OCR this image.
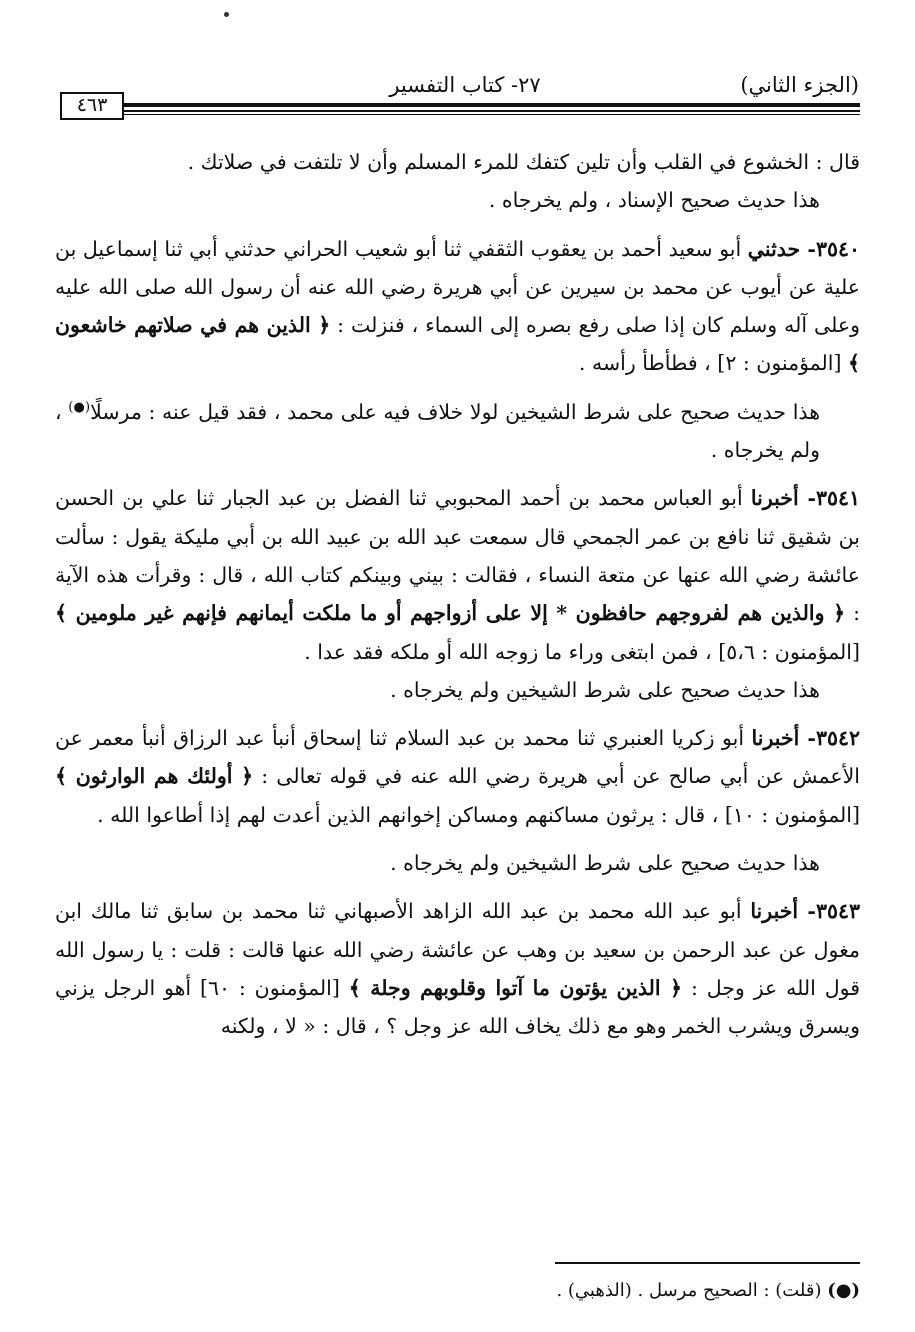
(الجزء الثاني)
٢٧- كتاب التفسير
٤٦٣

قال : الخشوع في القلب وأن تلين كتفك للمرء المسلم وأن لا تلتفت في صلاتك .

هذا حديث صحيح الإسناد ، ولم يخرجاه .

٣٥٤٠- حدثني أبو سعيد أحمد بن يعقوب الثقفي ثنا أبو شعيب الحراني حدثني أبي ثنا إسماعيل بن علية عن أيوب عن محمد بن سيرين عن أبي هريرة رضي الله عنه أن رسول الله صلى الله عليه وعلى آله وسلم كان إذا صلى رفع بصره إلى السماء ، فنزلت : ﴿ الذين هم في صلاتهم خاشعون ﴾ [المؤمنون : ٢] ، فطأطأ رأسه .

هذا حديث صحيح على شرط الشيخين لولا خلاف فيه على محمد ، فقد قيل عنه : مرسلًا(●) ، ولم يخرجاه .

٣٥٤١- أخبرنا أبو العباس محمد بن أحمد المحبوبي ثنا الفضل بن عبد الجبار ثنا علي بن الحسن بن شقيق ثنا نافع بن عمر الجمحي قال سمعت عبد الله بن عبيد الله بن أبي مليكة يقول : سألت عائشة رضي الله عنها عن متعة النساء ، فقالت : بيني وبينكم كتاب الله ، قال : وقرأت هذه الآية : ﴿ والذين هم لفروجهم حافظون * إلا على أزواجهم أو ما ملكت أيمانهم فإنهم غير ملومين ﴾ [المؤمنون : ٥،٦] ، فمن ابتغى وراء ما زوجه الله أو ملكه فقد عدا .

هذا حديث صحيح على شرط الشيخين ولم يخرجاه .

٣٥٤٢- أخبرنا أبو زكريا العنبري ثنا محمد بن عبد السلام ثنا إسحاق أنبأ عبد الرزاق أنبأ معمر عن الأعمش عن أبي صالح عن أبي هريرة رضي الله عنه في قوله تعالى : ﴿ أولئك هم الوارثون ﴾ [المؤمنون : ١٠] ، قال : يرثون مساكنهم ومساكن إخوانهم الذين أعدت لهم إذا أطاعوا الله .

هذا حديث صحيح على شرط الشيخين ولم يخرجاه .

٣٥٤٣- أخبرنا أبو عبد الله محمد بن عبد الله الزاهد الأصبهاني ثنا محمد بن سابق ثنا مالك ابن مغول عن عبد الرحمن بن سعيد بن وهب عن عائشة رضي الله عنها قالت : قلت : يا رسول الله قول الله عز وجل : ﴿ الذين يؤتون ما آتوا وقلوبهم وجلة ﴾ [المؤمنون : ٦٠] أهو الرجل يزني ويسرق ويشرب الخمر وهو مع ذلك يخاف الله عز وجل ؟ ، قال : « لا ، ولكنه

(●) (قلت) : الصحيح مرسل . (الذهبي) .
